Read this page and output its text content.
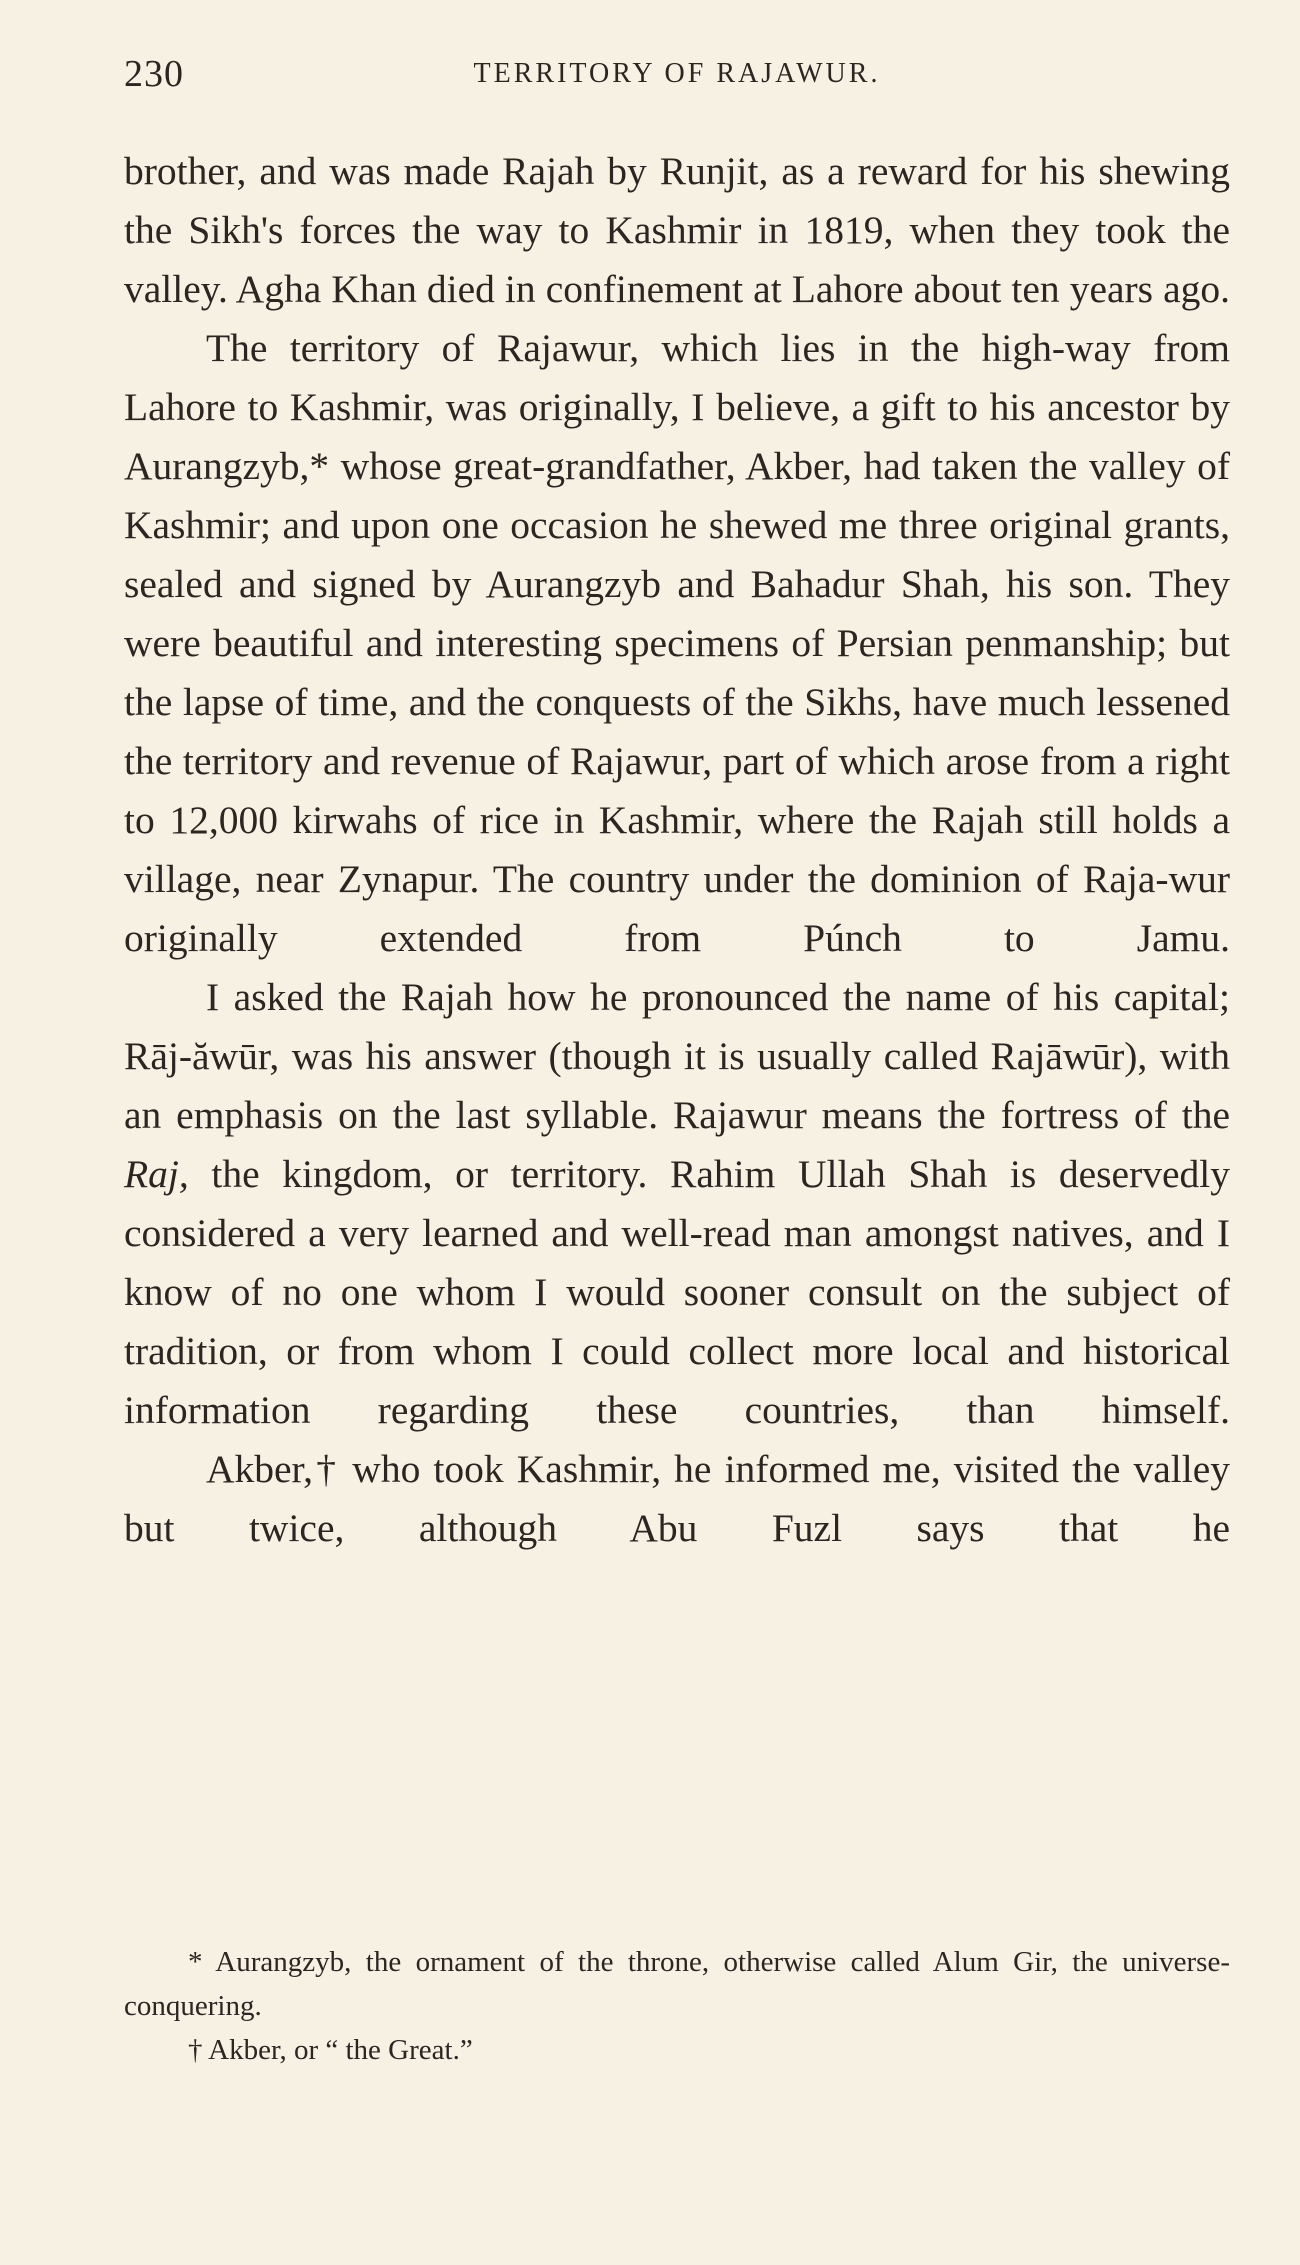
230	TERRITORY OF RAJAWUR.

brother, and was made Rajah by Runjit, as a reward for his shewing the Sikh's forces the way to Kashmir in 1819, when they took the valley. Agha Khan died in confinement at Lahore about ten years ago.

The territory of Rajawur, which lies in the high-way from Lahore to Kashmir, was originally, I believe, a gift to his ancestor by Aurangzyb,* whose great-grandfather, Akber, had taken the valley of Kashmir; and upon one occasion he shewed me three original grants, sealed and signed by Aurangzyb and Bahadur Shah, his son. They were beautiful and interesting specimens of Persian penmanship; but the lapse of time, and the conquests of the Sikhs, have much lessened the territory and revenue of Rajawur, part of which arose from a right to 12,000 kirwahs of rice in Kashmir, where the Rajah still holds a village, near Zynapur. The country under the dominion of Raja-wur originally extended from Púnch to Jamu.

I asked the Rajah how he pronounced the name of his capital; Rāj-ăwūr, was his answer (though it is usually called Rajāwūr), with an emphasis on the last syllable. Rajawur means the fortress of the Raj, the kingdom, or territory. Rahim Ullah Shah is deservedly considered a very learned and well-read man amongst natives, and I know of no one whom I would sooner consult on the subject of tradition, or from whom I could collect more local and historical information regarding these countries, than himself.

Akber,† who took Kashmir, he informed me, visited the valley but twice, although Abu Fuzl says that he

* Aurangzyb, the ornament of the throne, otherwise called Alum Gir, the universe-conquering.

† Akber, or “ the Great.”
